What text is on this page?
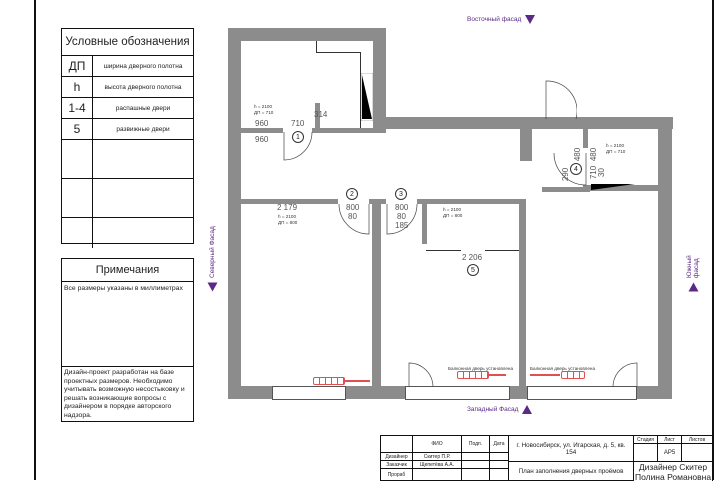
Условные обозначения
ДП	ширина дверного полотна
h	высота дверного полотна
1-4	распашные двери
5	развижные двери
Примечания
Все размеры указаны в миллиметрах
Дизайн-проект разработан на базе проектных размеров. Необходимо учитывать возможную несостыковку и решать возникающие вопросы с дизайнером в порядке авторского надзора.
Восточный фасад
Северный Фасад	Южный фасад
Западный Фасад
Балконная дверь установлена	Балконная дверь установлена
h = 2100
ДП = 710
960	710
960
314
1
2
2 179
h = 2100
ДП = 800
800
80
3
800
80
185
h = 2100
ДП = 800
2 206
5
4
h = 2100
ДП = 710
480 480
290 710
30
ФИО	Подп.	Дата
Дизайнер	Скитер П.Р.
Заказчик	Щепетёва А.А.
Прораб
г. Новосибирск, ул. Игарская, д. 5, кв. 154
План заполнения дверных проёмов
Стадия	Лист	Листов
АР5
Дизайнер Скитер Полина Романовна
